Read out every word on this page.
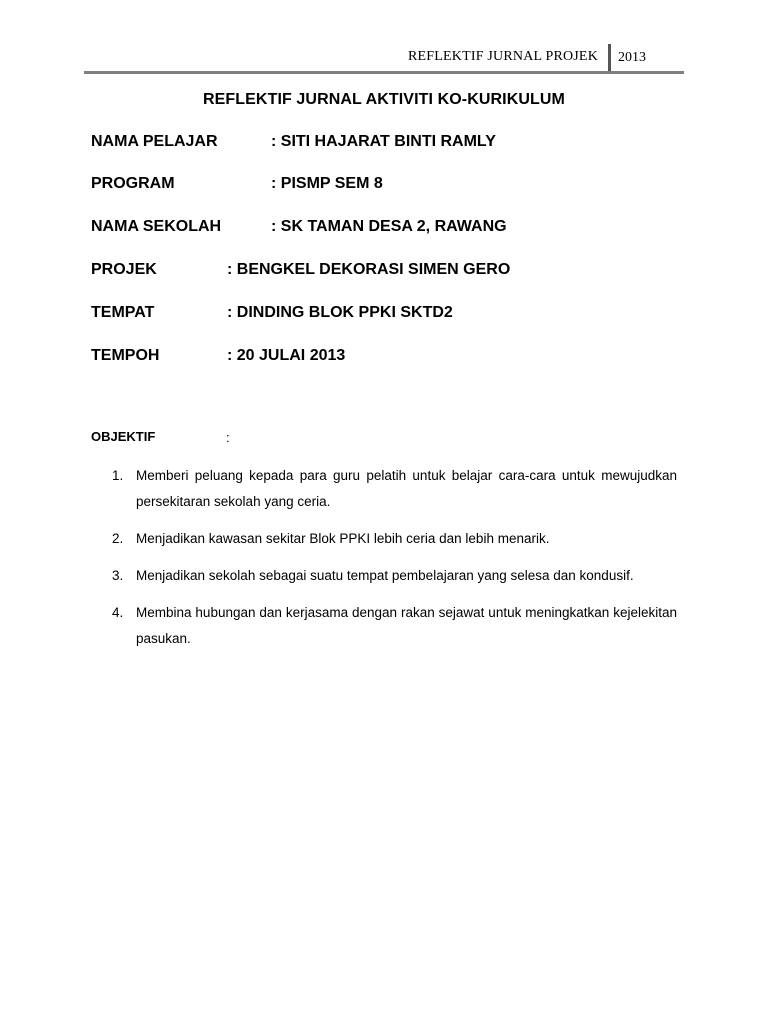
REFLEKTIF JURNAL PROJEK 2013
REFLEKTIF JURNAL AKTIVITI KO-KURIKULUM
NAMA PELAJAR	: SITI HAJARAT BINTI RAMLY
PROGRAM	: PISMP SEM 8
NAMA SEKOLAH	: SK TAMAN DESA 2, RAWANG
PROJEK	: BENGKEL DEKORASI SIMEN GERO
TEMPAT	: DINDING BLOK PPKI SKTD2
TEMPOH	: 20 JULAI 2013
OBJEKTIF	:
1. Memberi peluang kepada para guru pelatih untuk belajar cara-cara untuk mewujudkan persekitaran sekolah yang ceria.
2. Menjadikan kawasan sekitar Blok PPKI lebih ceria dan lebih menarik.
3. Menjadikan sekolah sebagai suatu tempat pembelajaran yang selesa dan kondusif.
4. Membina hubungan dan kerjasama dengan rakan sejawat untuk meningkatkan kejelekitan pasukan.
